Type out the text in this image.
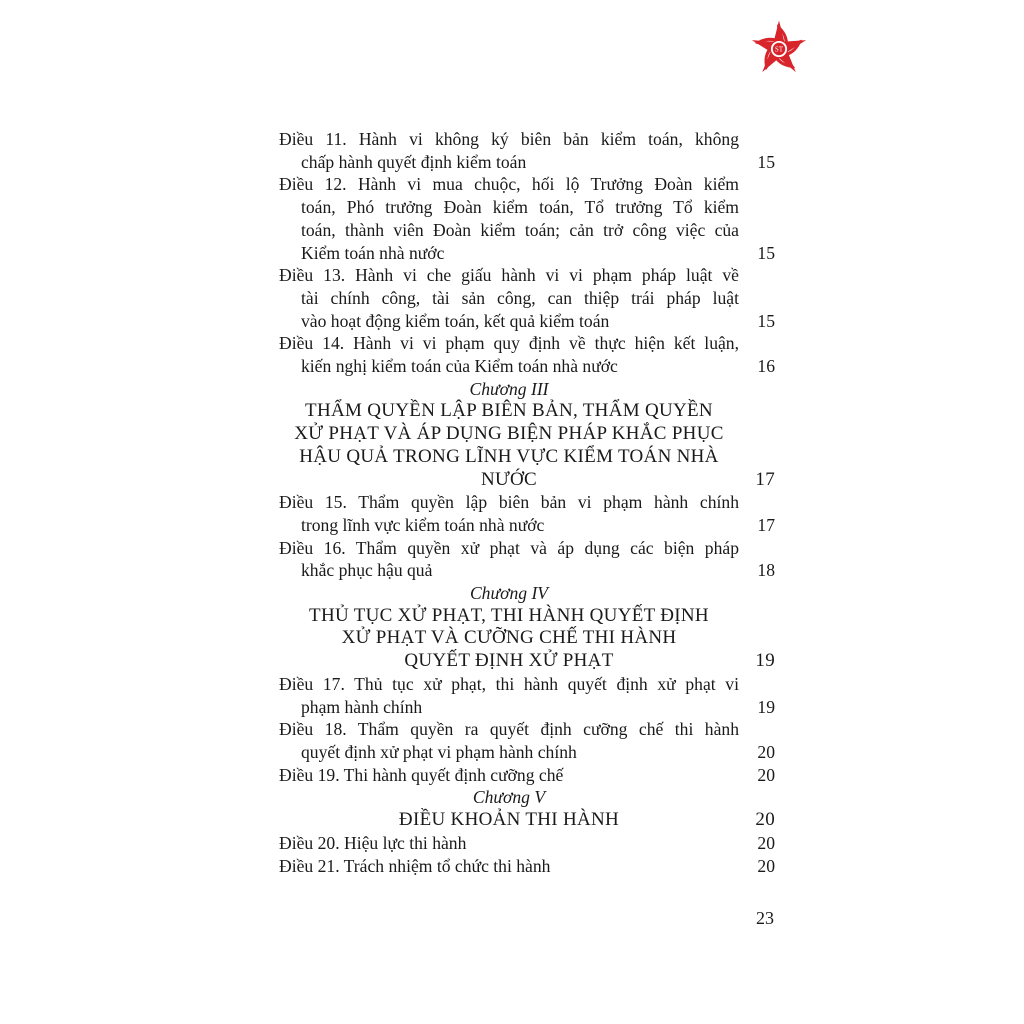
ST
Điều 11. Hành vi không ký biên bản kiểm toán, không
chấp hành quyết định kiểm toán	15
Điều 12. Hành vi mua chuộc, hối lộ Trưởng Đoàn kiểm
toán, Phó trưởng Đoàn kiểm toán, Tổ trưởng Tổ kiểm
toán, thành viên Đoàn kiểm toán; cản trở công việc của
Kiểm toán nhà nước	15
Điều 13. Hành vi che giấu hành vi vi phạm pháp luật về
tài chính công, tài sản công, can thiệp trái pháp luật
vào hoạt động kiểm toán, kết quả kiểm toán	15
Điều 14. Hành vi vi phạm quy định về thực hiện kết luận,
kiến nghị kiểm toán của Kiểm toán nhà nước	16
Chương III
THẨM QUYỀN LẬP BIÊN BẢN, THẨM QUYỀN
XỬ PHẠT VÀ ÁP DỤNG BIỆN PHÁP KHẮC PHỤC
HẬU QUẢ TRONG LĨNH VỰC KIỂM TOÁN NHÀ NƯỚC	17
Điều 15. Thẩm quyền lập biên bản vi phạm hành chính
trong lĩnh vực kiểm toán nhà nước	17
Điều 16. Thẩm quyền xử phạt và áp dụng các biện pháp
khắc phục hậu quả	18
Chương IV
THỦ TỤC XỬ PHẠT, THI HÀNH QUYẾT ĐỊNH
XỬ PHẠT VÀ CƯỠNG CHẾ THI HÀNH
QUYẾT ĐỊNH XỬ PHẠT	19
Điều 17. Thủ tục xử phạt, thi hành quyết định xử phạt vi
phạm hành chính	19
Điều 18. Thẩm quyền ra quyết định cưỡng chế thi hành
quyết định xử phạt vi phạm hành chính	20
Điều 19. Thi hành quyết định cưỡng chế	20
Chương V
ĐIỀU KHOẢN THI HÀNH	20
Điều 20. Hiệu lực thi hành	20
Điều 21. Trách nhiệm tổ chức thi hành	20
23
